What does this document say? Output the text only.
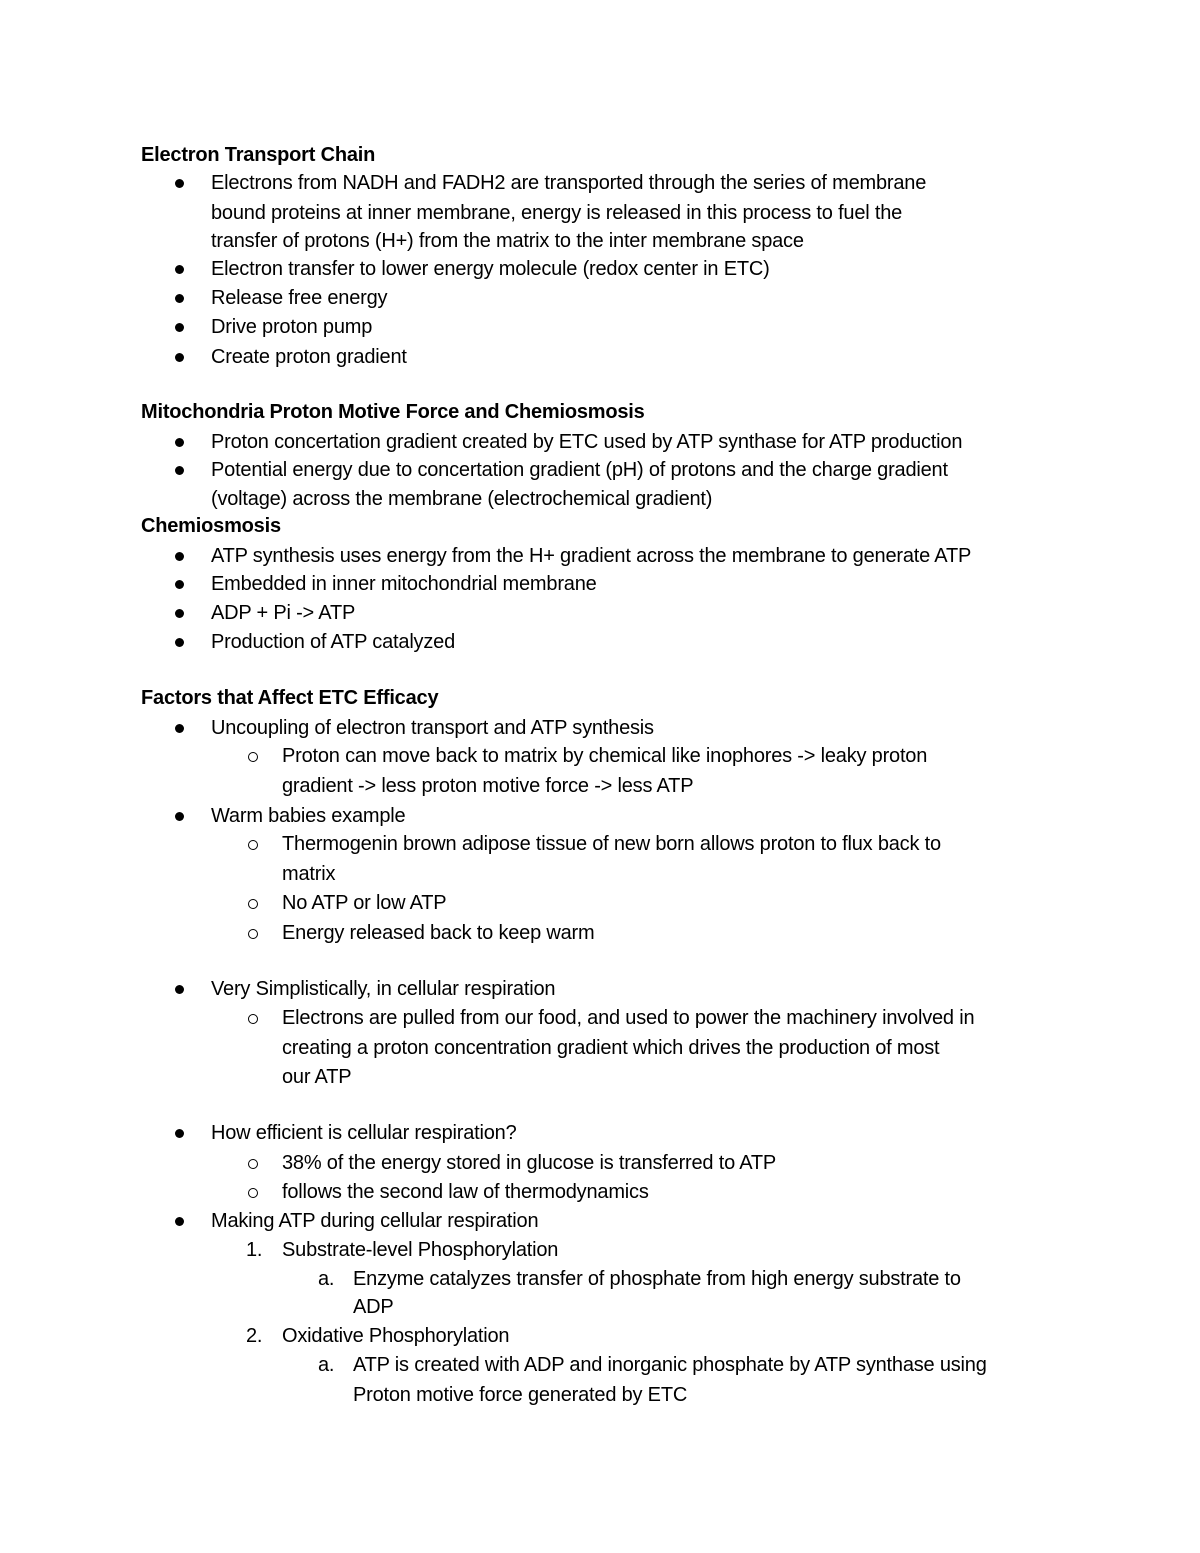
Electron Transport Chain
Electrons from NADH and FADH2 are transported through the series of membrane
bound proteins at inner membrane, energy is released in this process to fuel the
transfer of protons (H+) from the matrix to the inter membrane space
Electron transfer to lower energy molecule (redox center in ETC)
Release free energy
Drive proton pump
Create proton gradient
Mitochondria Proton Motive Force and Chemiosmosis
Proton concertation gradient created by ETC used by ATP synthase for ATP production
Potential energy due to concertation gradient (pH) of protons and the charge gradient
(voltage) across the membrane (electrochemical gradient)
Chemiosmosis
ATP synthesis uses energy from the H+ gradient across the membrane to generate ATP
Embedded in inner mitochondrial membrane
ADP + Pi -> ATP
Production of ATP catalyzed
Factors that Affect ETC Efficacy
Uncoupling of electron transport and ATP synthesis
Proton can move back to matrix by chemical like inophores -> leaky proton
gradient -> less proton motive force -> less ATP
Warm babies example
Thermogenin brown adipose tissue of new born allows proton to flux back to
matrix
No ATP or low ATP
Energy released back to keep warm
Very Simplistically, in cellular respiration
Electrons are pulled from our food, and used to power the machinery involved in
creating a proton concentration gradient which drives the production of most
our ATP
How efficient is cellular respiration?
38% of the energy stored in glucose is transferred to ATP
follows the second law of thermodynamics
Making ATP during cellular respiration
1. Substrate-level Phosphorylation
a. Enzyme catalyzes transfer of phosphate from high energy substrate to
ADP
2. Oxidative Phosphorylation
a. ATP is created with ADP and inorganic phosphate by ATP synthase using
Proton motive force generated by ETC
